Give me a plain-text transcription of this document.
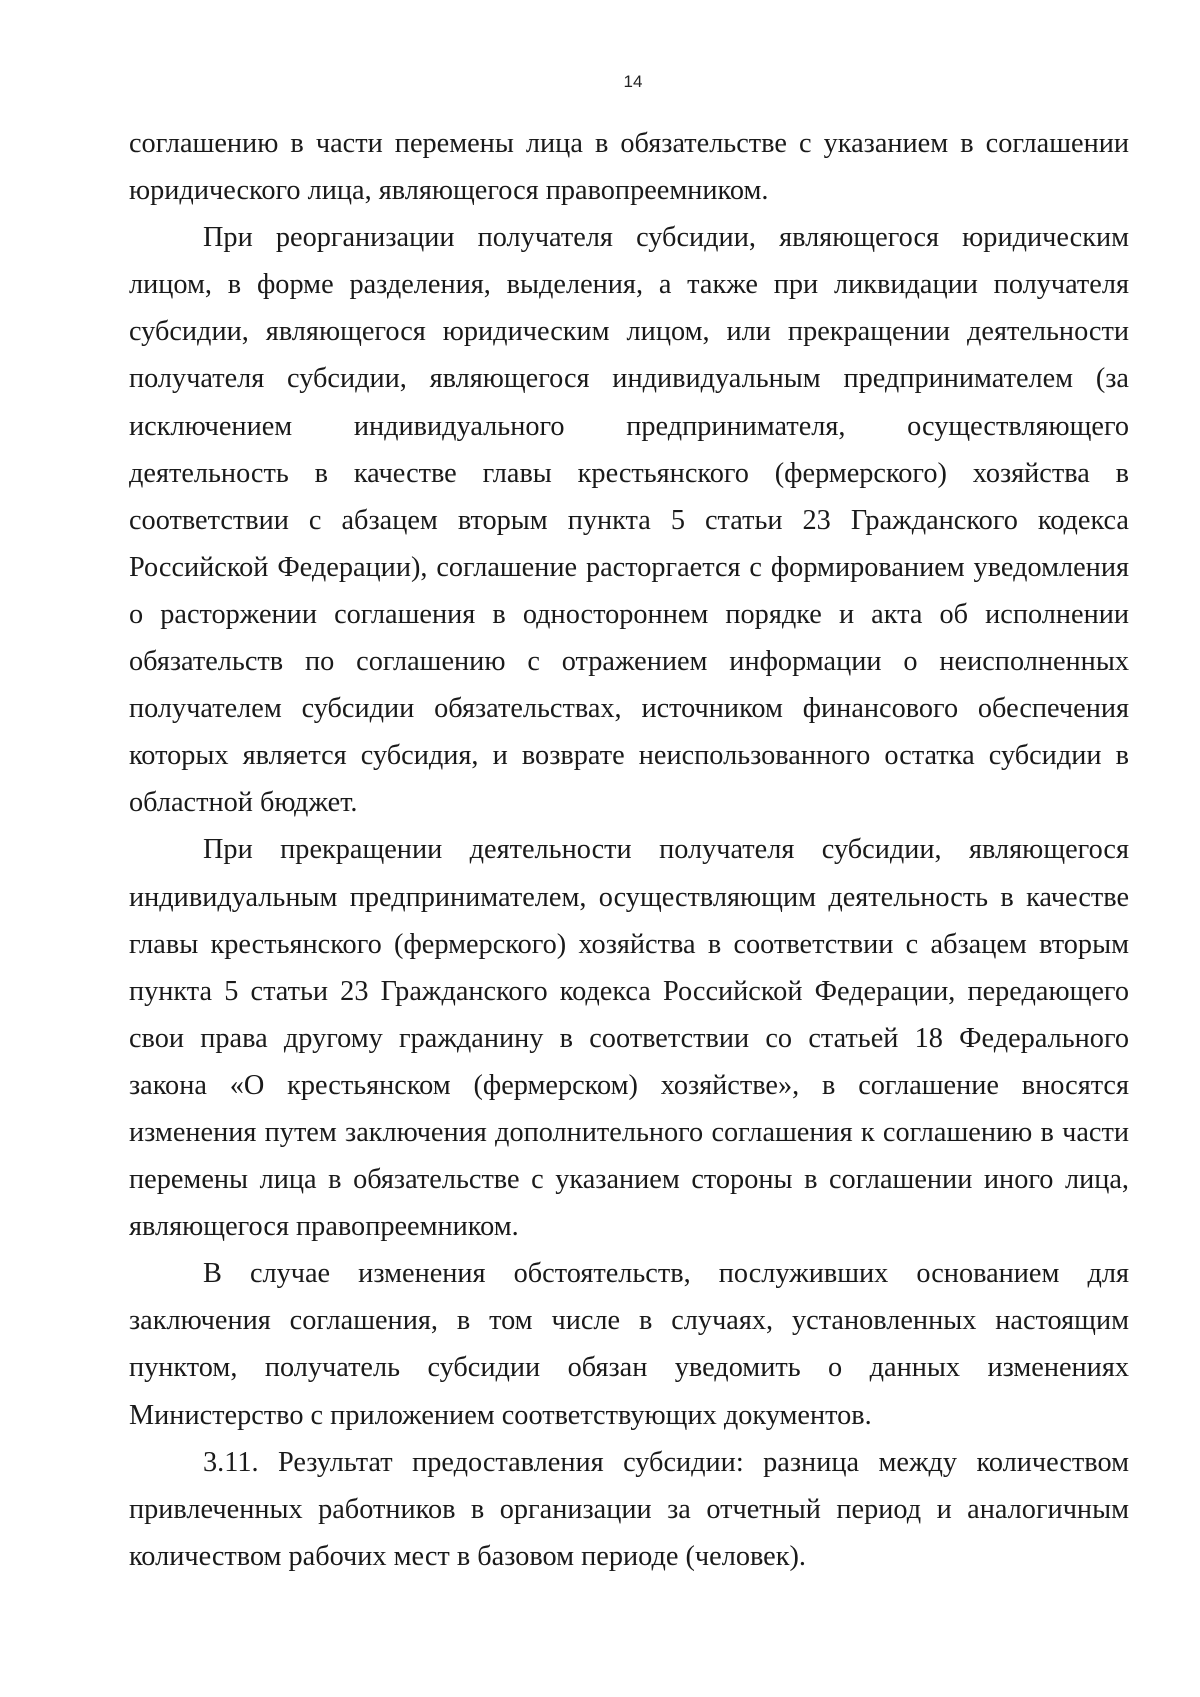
14

соглашению в части перемены лица в обязательстве с указанием в соглашении юридического лица, являющегося правопреемником.

При реорганизации получателя субсидии, являющегося юридическим лицом, в форме разделения, выделения, а также при ликвидации получателя субсидии, являющегося юридическим лицом, или прекращении деятельности получателя субсидии, являющегося индивидуальным предпринимателем (за исключением индивидуального предпринимателя, осуществляющего деятельность в качестве главы крестьянского (фермерского) хозяйства в соответствии с абзацем вторым пункта 5 статьи 23 Гражданского кодекса Российской Федерации), соглашение расторгается с формированием уведомления о расторжении соглашения в одностороннем порядке и акта об исполнении обязательств по соглашению с отражением информации о неисполненных получателем субсидии обязательствах, источником финансового обеспечения которых является субсидия, и возврате неиспользованного остатка субсидии в областной бюджет.

При прекращении деятельности получателя субсидии, являющегося индивидуальным предпринимателем, осуществляющим деятельность в качестве главы крестьянского (фермерского) хозяйства в соответствии с абзацем вторым пункта 5 статьи 23 Гражданского кодекса Российской Федерации, передающего свои права другому гражданину в соответствии со статьей 18 Федерального закона «О крестьянском (фермерском) хозяйстве», в соглашение вносятся изменения путем заключения дополнительного соглашения к соглашению в части перемены лица в обязательстве с указанием стороны в соглашении иного лица, являющегося правопреемником.

В случае изменения обстоятельств, послуживших основанием для заключения соглашения, в том числе в случаях, установленных настоящим пунктом, получатель субсидии обязан уведомить о данных изменениях Министерство с приложением соответствующих документов.

3.11. Результат предоставления субсидии: разница между количеством привлеченных работников в организации за отчетный период и аналогичным количеством рабочих мест в базовом периоде (человек).
